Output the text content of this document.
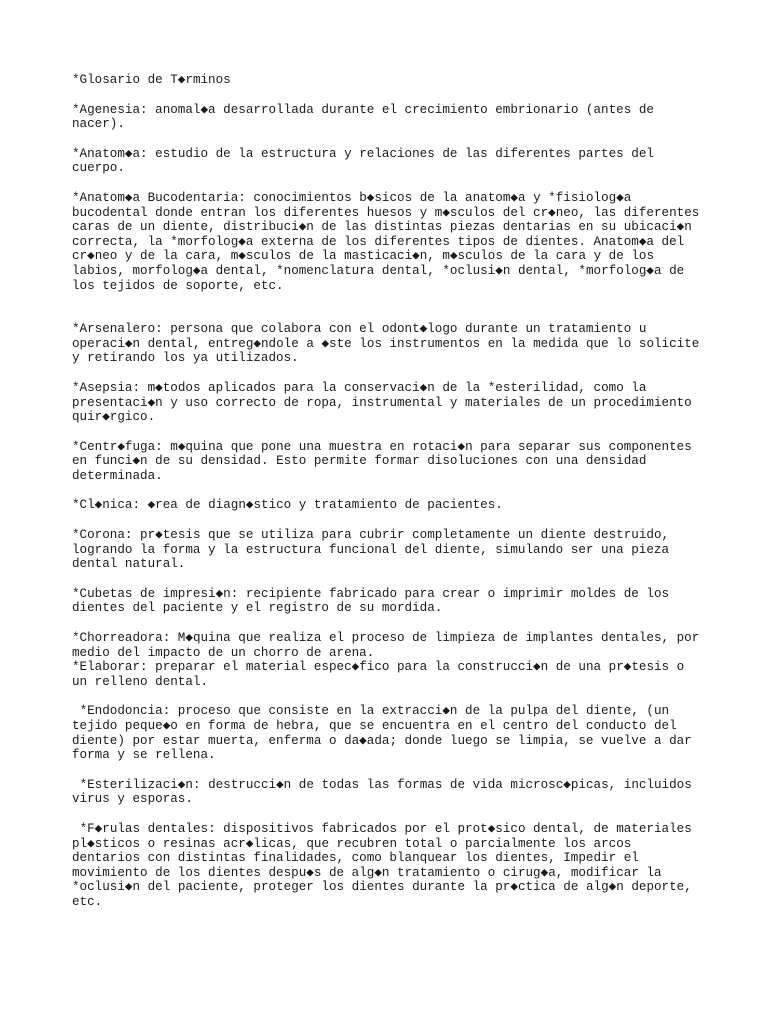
*Glosario de T◆rminos

*Agenesia: anomal◆a desarrollada durante el crecimiento embrionario (antes de
nacer).

*Anatom◆a: estudio de la estructura y relaciones de las diferentes partes del
cuerpo.

*Anatom◆a Bucodentaria: conocimientos b◆sicos de la anatom◆a y *fisiolog◆a
bucodental donde entran los diferentes huesos y m◆sculos del cr◆neo, las diferentes
caras de un diente, distribuci◆n de las distintas piezas dentarias en su ubicaci◆n
correcta, la *morfolog◆a externa de los diferentes tipos de dientes. Anatom◆a del
cr◆neo y de la cara, m◆sculos de la masticaci◆n, m◆sculos de la cara y de los
labios, morfolog◆a dental, *nomenclatura dental, *oclusi◆n dental, *morfolog◆a de
los tejidos de soporte, etc.

*Arsenalero: persona que colabora con el odont◆logo durante un tratamiento u
operaci◆n dental, entreg◆ndole a ◆ste los instrumentos en la medida que lo solicite
y retirando los ya utilizados.

*Asepsia: m◆todos aplicados para la conservaci◆n de la *esterilidad, como la
presentaci◆n y uso correcto de ropa, instrumental y materiales de un procedimiento
quir◆rgico.

*Centr◆fuga: m◆quina que pone una muestra en rotaci◆n para separar sus componentes
en funci◆n de su densidad. Esto permite formar disoluciones con una densidad
determinada.

*Cl◆nica: ◆rea de diagn◆stico y tratamiento de pacientes.

*Corona: pr◆tesis que se utiliza para cubrir completamente un diente destruido,
logrando la forma y la estructura funcional del diente, simulando ser una pieza
dental natural.

*Cubetas de impresi◆n: recipiente fabricado para crear o imprimir moldes de los
dientes del paciente y el registro de su mordida.

*Chorreadora: M◆quina que realiza el proceso de limpieza de implantes dentales, por
medio del impacto de un chorro de arena.

*Elaborar: preparar el material espec◆fico para la construcci◆n de una pr◆tesis o
un relleno dental.

*Endodoncia: proceso que consiste en la extracci◆n de la pulpa del diente, (un
tejido peque◆o en forma de hebra, que se encuentra en el centro del conducto del
diente) por estar muerta, enferma o da◆ada; donde luego se limpia, se vuelve a dar
forma y se rellena.

*Esterilizaci◆n: destrucci◆n de todas las formas de vida microsc◆picas, incluidos
virus y esporas.

*F◆rulas dentales: dispositivos fabricados por el prot◆sico dental, de materiales
pl◆sticos o resinas acr◆licas, que recubren total o parcialmente los arcos
dentarios con distintas finalidades, como blanquear los dientes, Impedir el
movimiento de los dientes despu◆s de alg◆n tratamiento o cirug◆a, modificar la
*oclusi◆n del paciente, proteger los dientes durante la pr◆ctica de alg◆n deporte,
etc.
